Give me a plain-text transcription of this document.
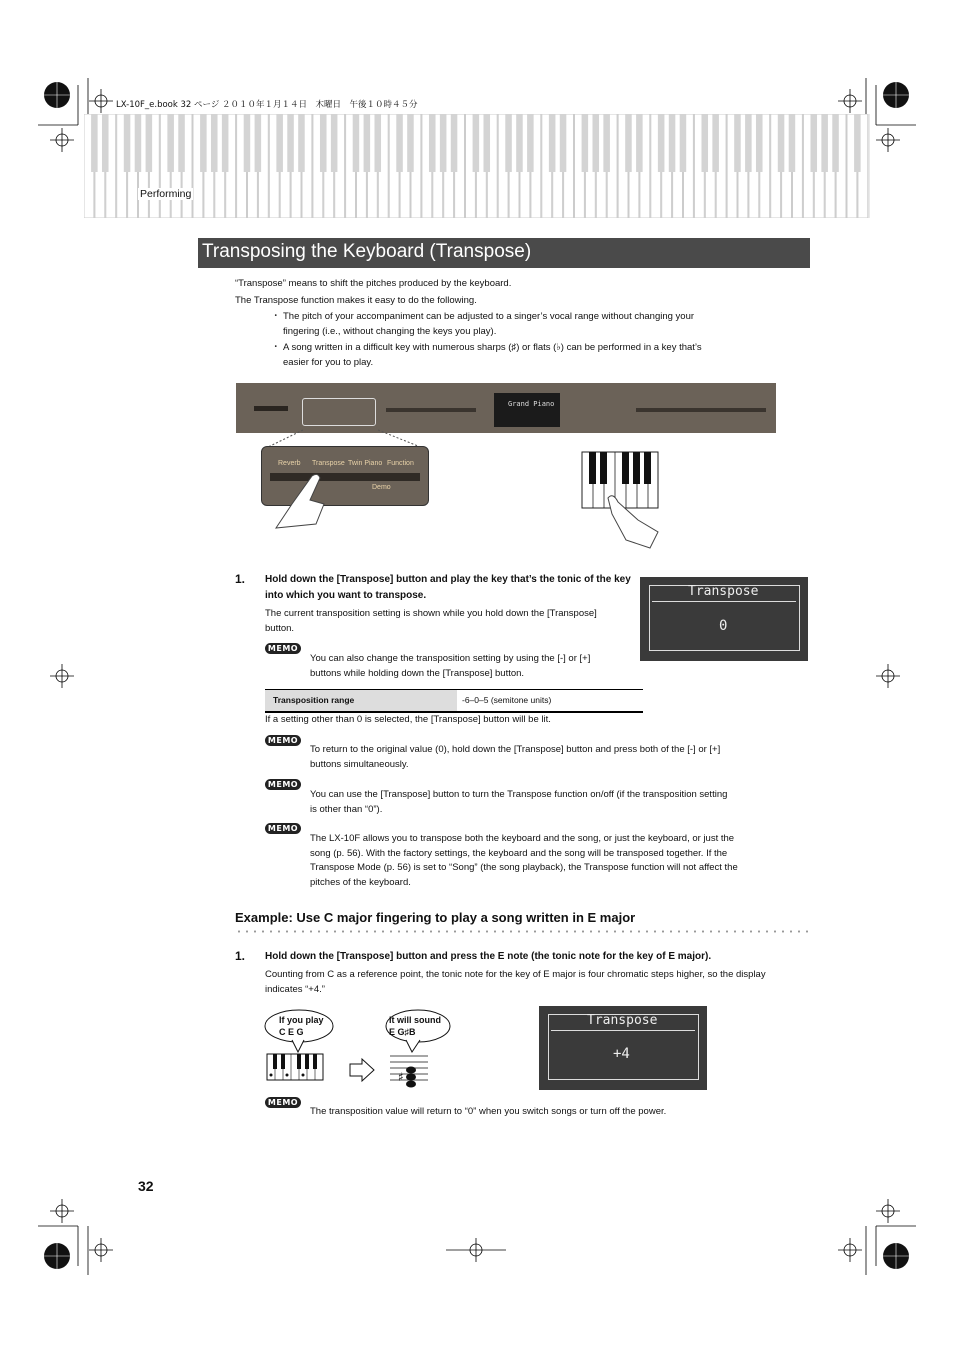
LX-10F_e.book 32 ページ ２０１０年１月１４日　木曜日　午後１０時４５分
Performing
Transposing the Keyboard (Transpose)
“Transpose” means to shift the pitches produced by the keyboard.
The Transpose function makes it easy to do the following.
・ The pitch of your accompaniment can be adjusted to a singer’s vocal range without changing your fingering (i.e., without changing the keys you play).
・ A song written in a difficult key with numerous sharps (♯) or flats (♭) can be performed in a key that’s easier for you to play.
Grand Piano
Reverb Transpose Twin Piano Function
Demo
1. Hold down the [Transpose] button and play the key that’s the tonic of the key into which you want to transpose.
The current transposition setting is shown while you hold down the [Transpose] button.
Transpose
0
MEMO
You can also change the transposition setting by using the [-] or [+] buttons while holding down the [Transpose] button.
Transposition range	-6–0–5 (semitone units)
If a setting other than 0 is selected, the [Transpose] button will be lit.
MEMO
To return to the original value (0), hold down the [Transpose] button and press both of the [-] or [+] buttons simultaneously.
MEMO
You can use the [Transpose] button to turn the Transpose function on/off (if the transposition setting is other than “0”).
MEMO
The LX-10F allows you to transpose both the keyboard and the song, or just the keyboard, or just the song (p. 56). With the factory settings, the keyboard and the song will be transposed together. If the Transpose Mode (p. 56) is set to “Song” (the song playback), the Transpose function will not affect the pitches of the keyboard.
Example: Use C major fingering to play a song written in E major
1. Hold down the [Transpose] button and press the E note (the tonic note for the key of E major).
Counting from C as a reference point, the tonic note for the key of E major is four chromatic steps higher, so the display indicates “+4.”
♯
If you play
C E G
It will sound
E G♯B
Transpose
+4
MEMO
The transposition value will return to “0” when you switch songs or turn off the power.
32
